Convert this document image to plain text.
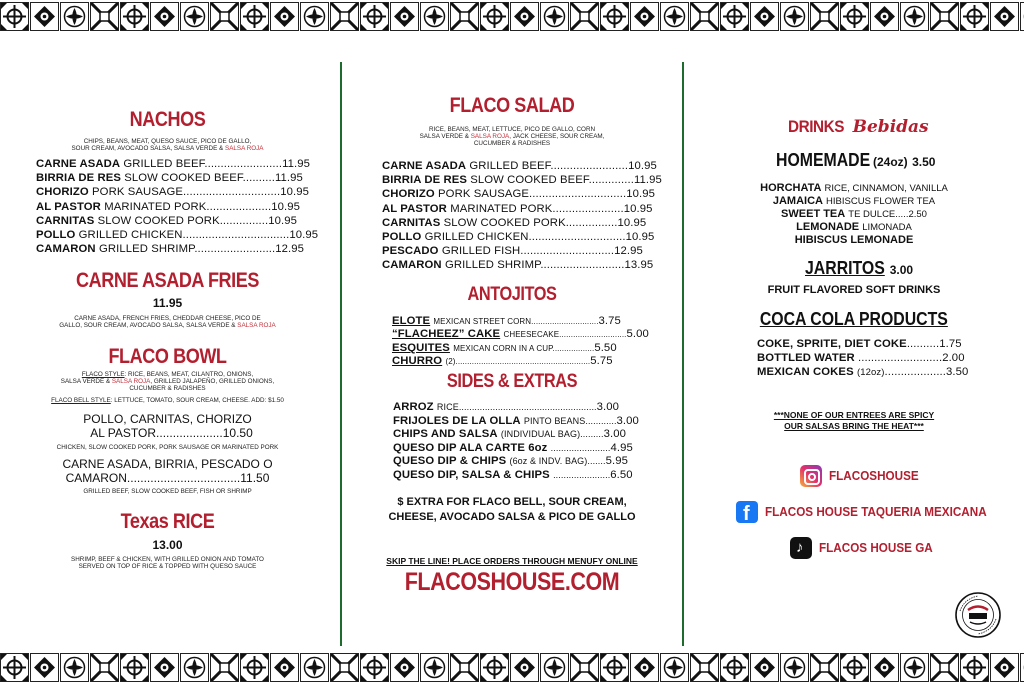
NACHOS
CHIPS, BEANS, MEAT, QUESO SAUCE, PICO DE GALLO,
SOUR CREAM, AVOCADO SALSA, SALSA VERDE & SALSA ROJA
CARNE ASADA GRILLED BEEF........................11.95
BIRRIA DE RES SLOW COOKED BEEF..........11.95
CHORIZO PORK SAUSAGE..............................10.95
AL PASTOR MARINATED PORK....................10.95
CARNITAS SLOW COOKED PORK...............10.95
POLLO GRILLED CHICKEN.................................10.95
CAMARON GRILLED SHRIMP.........................12.95
CARNE ASADA FRIES
11.95
CARNE ASADA, FRENCH FRIES, CHEDDAR CHEESE, PICO DE
GALLO, SOUR CREAM, AVOCADO SALSA, SALSA VERDE & SALSA ROJA
FLACO BOWL
FLACO STYLE: RICE, BEANS, MEAT, CILANTRO, ONIONS,
SALSA VERDE & SALSA ROJA, GRILLED JALAPEÑO, GRILLED ONIONS,
CUCUMBER & RADISHES
FLACO BELL STYLE: LETTUCE, TOMATO, SOUR CREAM, CHEESE. ADD: $1.50
POLLO, CARNITAS, CHORIZO
AL PASTOR....................10.50
CHICKEN, SLOW COOKED PORK, PORK SAUSAGE OR MARINATED PORK
CARNE ASADA, BIRRIA, PESCADO O
CAMARON..................................11.50
GRILLED BEEF, SLOW COOKED BEEF, FISH OR SHRIMP
Texas RICE
13.00
SHRIMP, BEEF & CHICKEN, WITH GRILLED ONION AND TOMATO
SERVED ON TOP OF RICE & TOPPED WITH QUESO SAUCE
FLACO SALAD
RICE, BEANS, MEAT, LETTUCE, PICO DE GALLO, CORN
SALSA VERDE & SALSA ROJA, JACK CHEESE, SOUR CREAM,
CUCUMBER & RADISHES
CARNE ASADA GRILLED BEEF........................10.95
BIRRIA DE RES SLOW COOKED BEEF..............11.95
CHORIZO PORK SAUSAGE..............................10.95
AL PASTOR MARINATED PORK......................10.95
CARNITAS SLOW COOKED PORK................10.95
POLLO GRILLED CHICKEN..............................10.95
PESCADO GRILLED FISH.............................12.95
CAMARON GRILLED SHRIMP..........................13.95
ANTOJITOS
ELOTE MEXICAN STREET CORN.............................3.75
“FLACHEEZ” CAKE CHEESECAKE.............................5.00
ESQUITES MEXICAN CORN IN A CUP..................5.50
CHURRO (2)..........................................................5.75
SIDES & EXTRAS
ARROZ RICE.....................................................3.00
FRIJOLES DE LA OLLA PINTO BEANS............3.00
CHIPS AND SALSA (INDIVIDUAL BAG).........3.00
QUESO DIP ALA CARTE 6oz .......................4.95
QUESO DIP & CHIPS (6oz & INDV. BAG).......5.95
QUESO DIP, SALSA & CHIPS ......................6.50
$ EXTRA FOR FLACO BELL, SOUR CREAM,
CHEESE, AVOCADO SALSA & PICO DE GALLO
SKIP THE LINE! PLACE ORDERS THROUGH MENUFY ONLINE
FLACOSHOUSE.COM
DRINKS Bebidas
HOMEMADE (24oz) 3.50
HORCHATA RICE, CINNAMON, VANILLA
JAMAICA HIBISCUS FLOWER TEA
SWEET TEA TE DULCE.....2.50
LEMONADE LIMONADA
HIBISCUS LEMONADE
JARRITOS 3.00
FRUIT FLAVORED SOFT DRINKS
COCA COLA PRODUCTS
COKE, SPRITE, DIET COKE..........1.75
BOTTLED WATER ..........................2.00
MEXICAN COKES (12oz)...................3.50
***NONE OF OUR ENTREES ARE SPICY
OUR SALSAS BRING THE HEAT***
FLACOSHOUSE
f FLACOS HOUSE TAQUERIA MEXICANA
♪ FLACOS HOUSE GA
